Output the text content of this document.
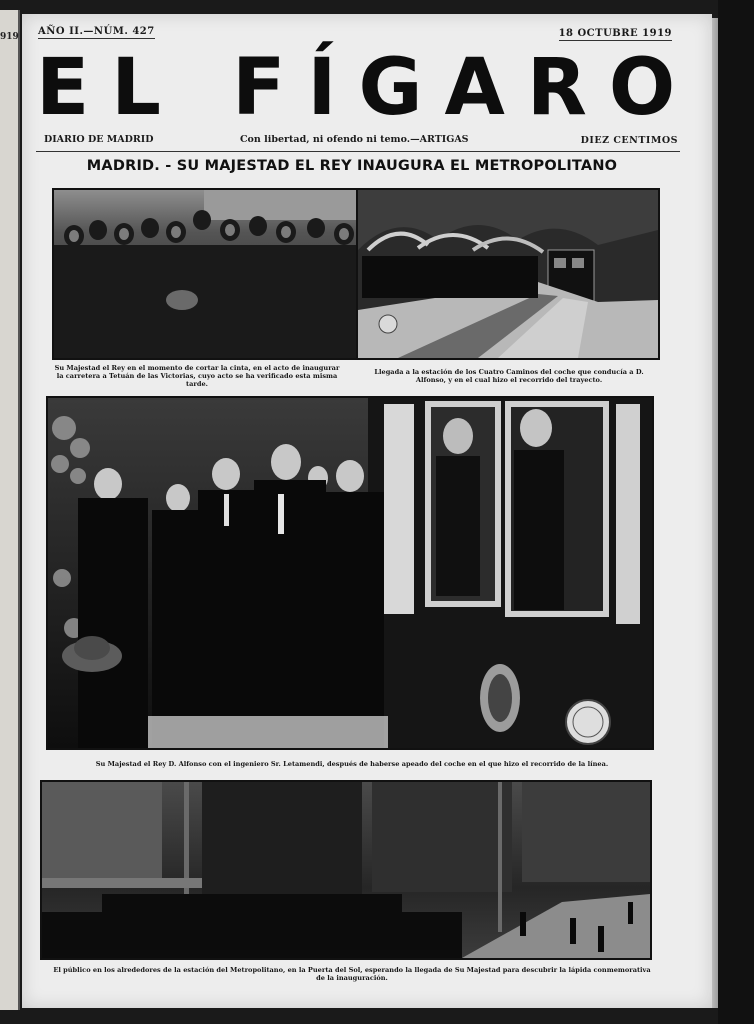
919 AÑO II.—NÚM. 427	18 OCTUBRE 1919
EL FÍGARO
DIARIO DE MADRID	Con libertad, ni ofendo ni temo.—ARTIGAS	DIEZ CENTIMOS
MADRID. - SU MAJESTAD EL REY INAUGURA EL METROPOLITANO
Su Majestad el Rey en el momento de cortar la cinta, en el acto de inaugurar la carretera a Tetuán de las Victorias, cuyo acto se ha verificado esta misma tarde.
Llegada a la estación de los Cuatro Caminos del coche que conducía a D. Alfonso, y en el cual hizo el recorrido del trayecto.
Su Majestad el Rey D. Alfonso con el ingeniero Sr. Letamendi, después de haberse apeado del coche en el que hizo el recorrido de la línea.
El público en los alrededores de la estación del Metropolitano, en la Puerta del Sol, esperando la llegada de Su Majestad para descubrir la lápida conmemorativa de la inauguración.
